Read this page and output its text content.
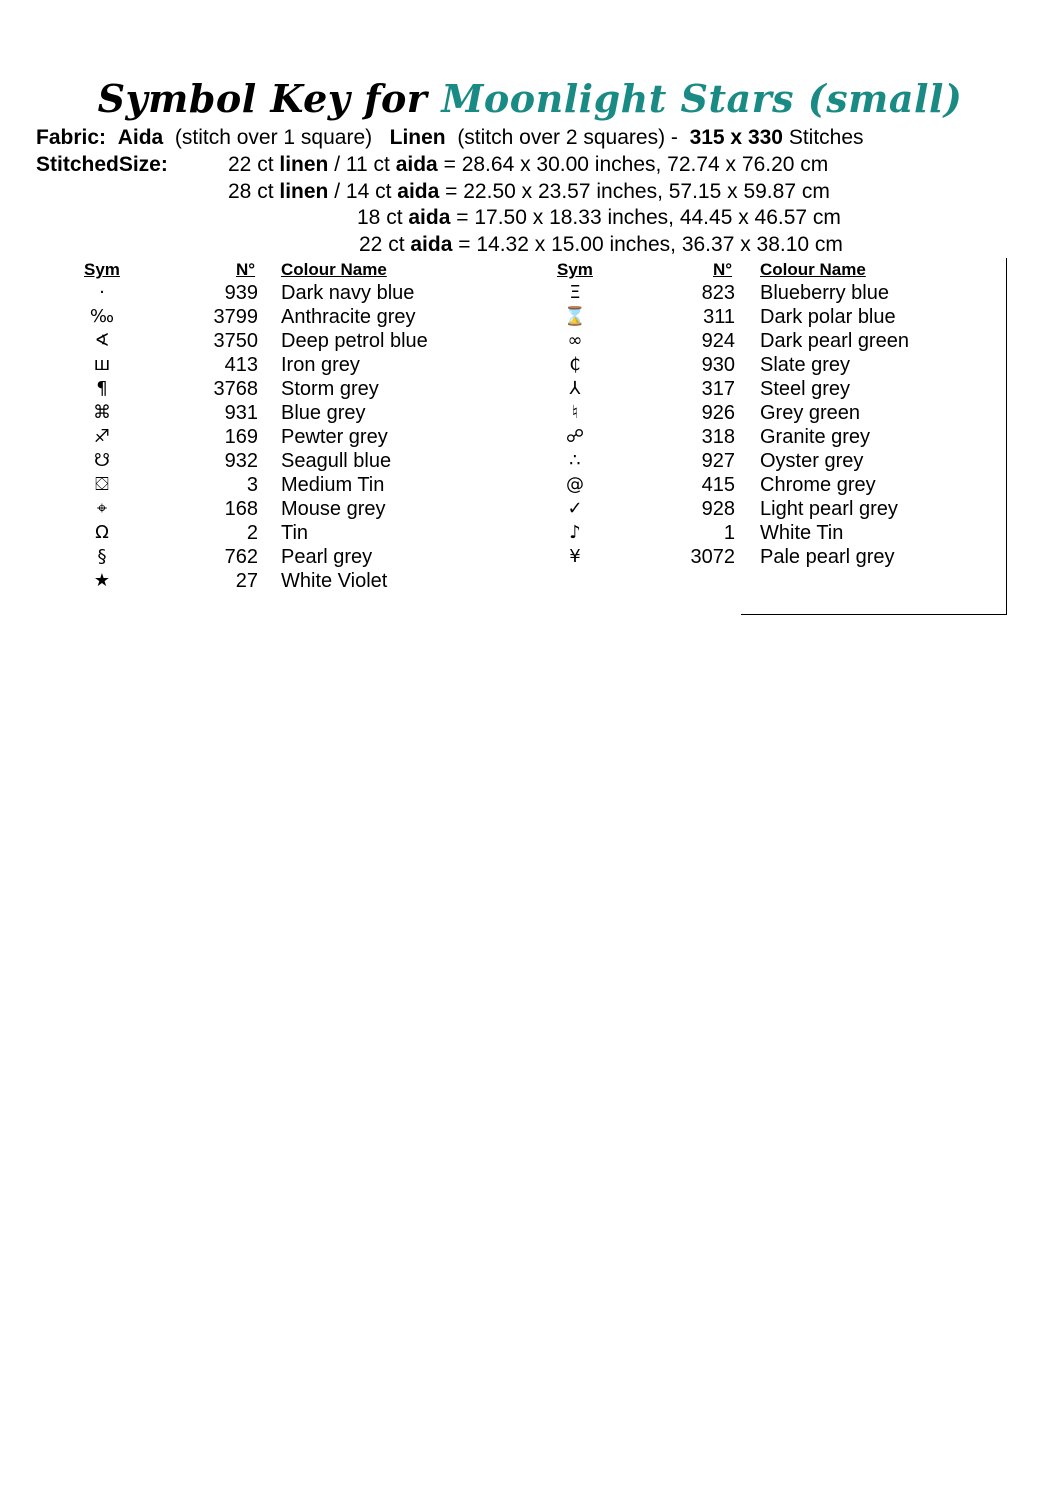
Symbol Key for Moonlight Stars (small)
Fabric: Aida (stitch over 1 square) Linen (stitch over 2 squares) - 315 x 330 Stitches
StitchedSize:	22 ct linen / 11 ct aida = 28.64 x 30.00 inches, 72.74 x 76.20 cm
28 ct linen / 14 ct aida = 22.50 x 23.57 inches, 57.15 x 59.87 cm
18 ct aida = 17.50 x 18.33 inches, 44.45 x 46.57 cm
22 ct aida = 14.32 x 15.00 inches, 36.37 x 38.10 cm
Sym	N° Colour Name	Sym	N° Colour Name
·	939 Dark navy blue
‰	3799 Anthracite grey
∢	3750 Deep petrol blue
ш	413 Iron grey
¶	3768 Storm grey
⌘	931 Blue grey
♐	169 Pewter grey
☋	932 Seagull blue
⛋	3 Medium Tin
⌖	168 Mouse grey
Ω	2 Tin
§	762 Pearl grey
★	27 White Violet
Ξ	823 Blueberry blue
⌛	311 Dark polar blue
∞	924 Dark pearl green
₵	930 Slate grey
⅄	317 Steel grey
♮	926 Grey green
☍	318 Granite grey
∴	927 Oyster grey
@	415 Chrome grey
✓	928 Light pearl grey
♪	1 White Tin
¥	3072 Pale pearl grey
